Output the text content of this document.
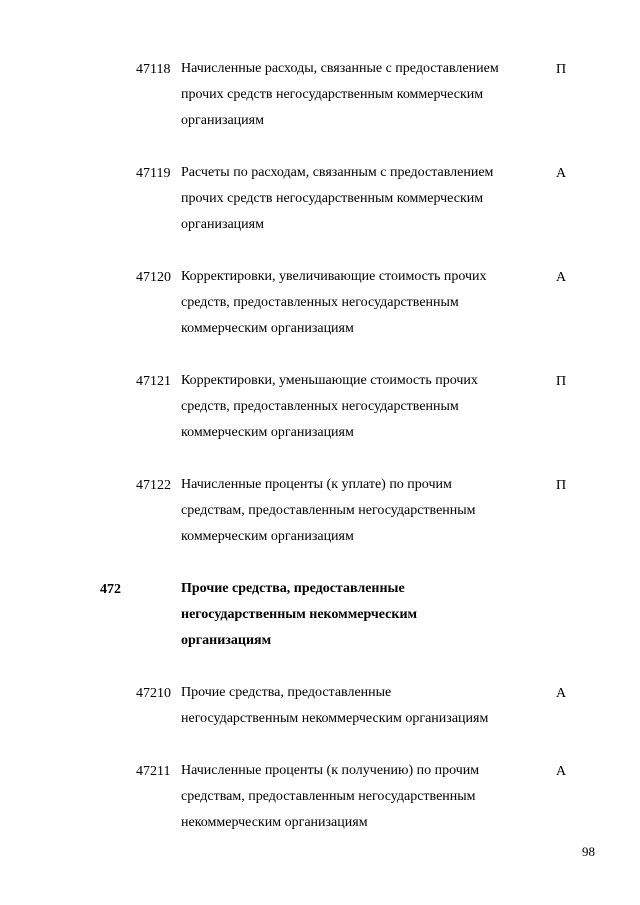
47118 Начисленные расходы, связанные с предоставлением
прочих средств негосударственным коммерческим
организациям
П
47119 Расчеты по расходам, связанным с предоставлением
прочих средств негосударственным коммерческим
организациям
А
47120 Корректировки, увеличивающие стоимость прочих
средств, предоставленных негосударственным
коммерческим организациям
А
47121 Корректировки, уменьшающие стоимость прочих
средств, предоставленных негосударственным
коммерческим организациям
П
47122 Начисленные проценты (к уплате) по прочим
средствам, предоставленным негосударственным
коммерческим организациям
П
472	Прочие средства, предоставленные
негосударственным некоммерческим
организациям
47210 Прочие средства, предоставленные
негосударственным некоммерческим организациям
А
47211 Начисленные проценты (к получению) по прочим
средствам, предоставленным негосударственным
некоммерческим организациям
А
98
